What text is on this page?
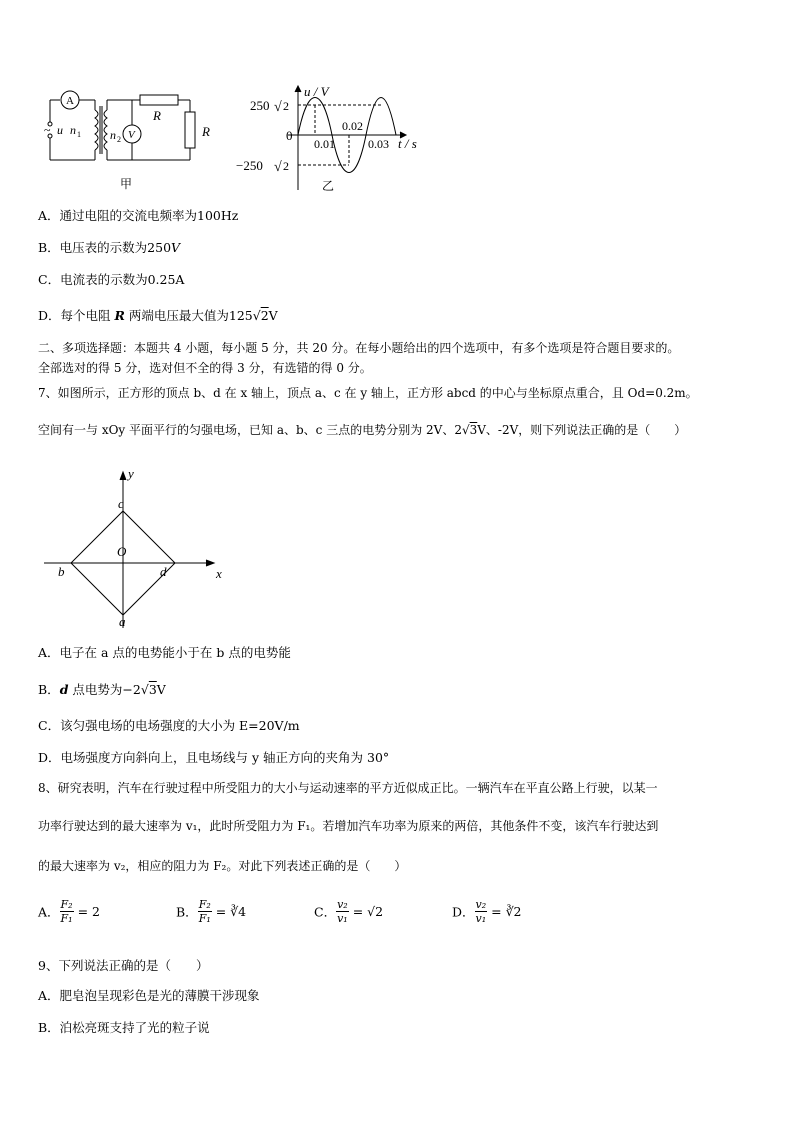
A
V
~ u n 1 n 2
R
R
甲
u / V
250 √ 2
0
−250 √ 2
0.01
0.02
0.03 t / s
乙
A．通过电阻的交流电频率为100Hz
B．电压表的示数为250V
C．电流表的示数为0.25A
D．每个电阻 R 两端电压最大值为125√2V
二、多项选择题：本题共 4 小题，每小题 5 分，共 20 分。在每小题给出的四个选项中，有多个选项是符合题目要求的。
全部选对的得 5 分，选对但不全的得 3 分，有选错的得 0 分。
7、如图所示，正方形的顶点 b、d 在 x 轴上，顶点 a、c 在 y 轴上，正方形 abcd 的中心与坐标原点重合，且 Od=0.2m。
空间有一与 xOy 平面平行的匀强电场，已知 a、b、c 三点的电势分别为 2V、2√3V、-2V，则下列说法正确的是（　　）
y
x
c
O
b	d
a
A．电子在 a 点的电势能小于在 b 点的电势能
B．d 点电势为−2√3V
C．该匀强电场的电场强度的大小为 E=20V/m
D．电场强度方向斜向上，且电场线与 y 轴正方向的夹角为 30°
8、研究表明，汽车在行驶过程中所受阻力的大小与运动速率的平方近似成正比。一辆汽车在平直公路上行驶，以某一
功率行驶达到的最大速率为 v₁，此时所受阻力为 F₁。若增加汽车功率为原来的两倍，其他条件不变，该汽车行驶达到
的最大速率为 v₂，相应的阻力为 F₂。对此下列表述正确的是（　　）
A． $\frac{\text{F₂}}{\text{F₁}} = 2$	B． $\frac{\text{F₂}}{\text{F₁}}$ = ∛4	C． $\frac{\text{v₂}}{\text{v₁}} = √2$	D． $\frac{\text{v₂}}{\text{v₁}}$ = ∛2
9、下列说法正确的是（　　）
A．肥皂泡呈现彩色是光的薄膜干涉现象
B．泊松亮斑支持了光的粒子说
